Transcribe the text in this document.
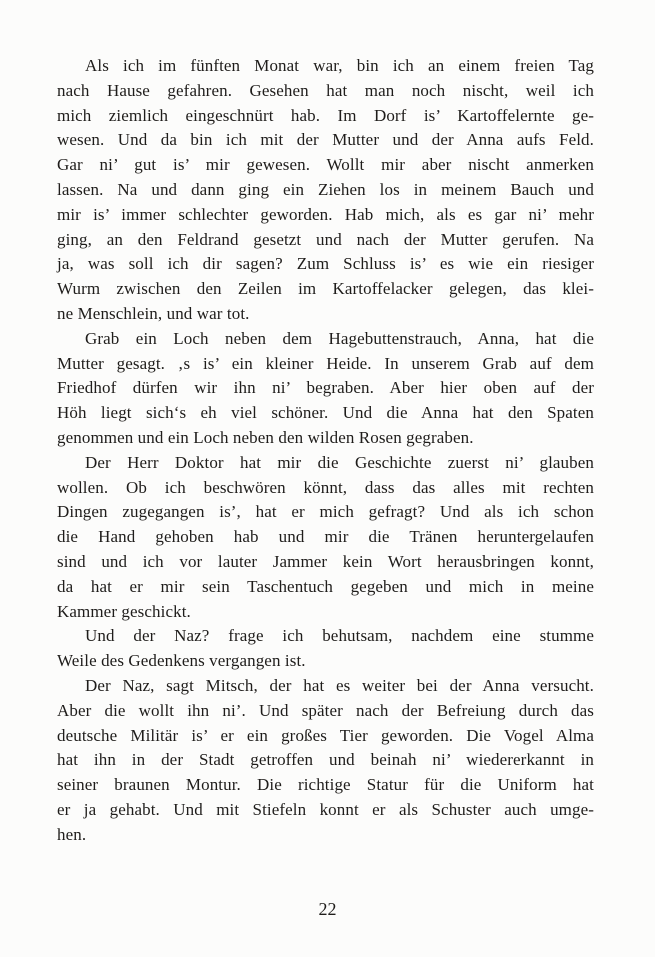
Als ich im fünften Monat war, bin ich an einem freien Tag
nach Hause gefahren. Gesehen hat man noch nischt, weil ich
mich ziemlich eingeschnürt hab. Im Dorf is’ Kartoffelernte ge-
wesen. Und da bin ich mit der Mutter und der Anna aufs Feld.
Gar ni’ gut is’ mir gewesen. Wollt mir aber nischt anmerken
lassen. Na und dann ging ein Ziehen los in meinem Bauch und
mir is’ immer schlechter geworden. Hab mich, als es gar ni’ mehr
ging, an den Feldrand gesetzt und nach der Mutter gerufen. Na
ja, was soll ich dir sagen? Zum Schluss is’ es wie ein riesiger
Wurm zwischen den Zeilen im Kartoffelacker gelegen, das klei-
ne Menschlein, und war tot.
Grab ein Loch neben dem Hagebuttenstrauch, Anna, hat die
Mutter gesagt. ‚s is’ ein kleiner Heide. In unserem Grab auf dem
Friedhof dürfen wir ihn ni’ begraben. Aber hier oben auf der
Höh liegt sich‘s eh viel schöner. Und die Anna hat den Spaten
genommen und ein Loch neben den wilden Rosen gegraben.
Der Herr Doktor hat mir die Geschichte zuerst ni’ glauben
wollen. Ob ich beschwören könnt, dass das alles mit rechten
Dingen zugegangen is’, hat er mich gefragt? Und als ich schon
die Hand gehoben hab und mir die Tränen heruntergelaufen
sind und ich vor lauter Jammer kein Wort herausbringen konnt,
da hat er mir sein Taschentuch gegeben und mich in meine
Kammer geschickt.
Und der Naz? frage ich behutsam, nachdem eine stumme
Weile des Gedenkens vergangen ist.
Der Naz, sagt Mitsch, der hat es weiter bei der Anna versucht.
Aber die wollt ihn ni’. Und später nach der Befreiung durch das
deutsche Militär is’ er ein großes Tier geworden. Die Vogel Alma
hat ihn in der Stadt getroffen und beinah ni’ wiedererkannt in
seiner braunen Montur. Die richtige Statur für die Uniform hat
er ja gehabt. Und mit Stiefeln konnt er als Schuster auch umge-
hen.
22
